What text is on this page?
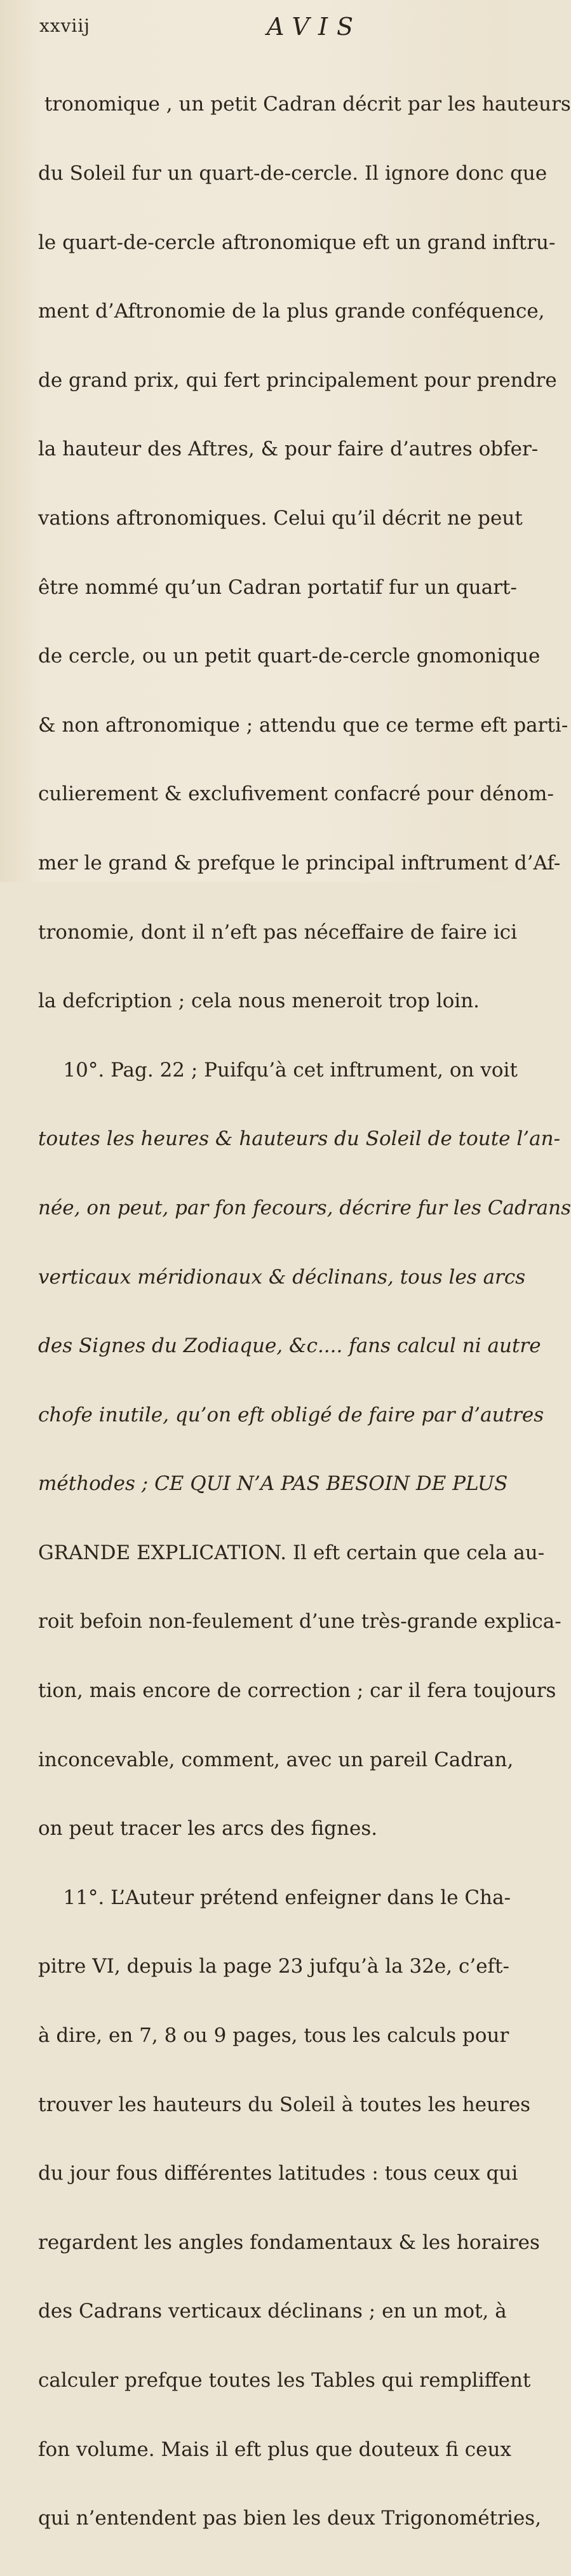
xxviij	AVIS

tronomique , un petit Cadran décrit par les hauteurs

du Soleil fur un quart-de-cercle. Il ignore donc que

le quart-de-cercle aftronomique eft un grand inftru-

ment d’Aftronomie de la plus grande conféquence,

de grand prix, qui fert principalement pour prendre

la hauteur des Aftres, & pour faire d’autres obfer-

vations aftronomiques. Celui qu’il décrit ne peut

être nommé qu’un Cadran portatif fur un quart-

de cercle, ou un petit quart-de-cercle gnomonique

& non aftronomique ; attendu que ce terme eft parti-

culierement & exclufivement confacré pour dénom-

mer le grand & prefque le principal inftrument d’Af-

tronomie, dont il n’eft pas néceffaire de faire ici

la defcription ; cela nous meneroit trop loin.

10°. Pag. 22 ; Puifqu’à cet inftrument, on voit

toutes les heures & hauteurs du Soleil de toute l’an-

née, on peut, par fon fecours, décrire fur les Cadrans

verticaux méridionaux & déclinans, tous les arcs

des Signes du Zodiaque, &c.... fans calcul ni autre

chofe inutile, qu’on eft obligé de faire par d’autres

méthodes ; CE QUI N’A PAS BESOIN DE PLUS

GRANDE EXPLICATION. Il eft certain que cela au-

roit befoin non-feulement d’une très-grande explica-

tion, mais encore de correction ; car il fera toujours

inconcevable, comment, avec un pareil Cadran,

on peut tracer les arcs des fignes.

11°. L’Auteur prétend enfeigner dans le Cha-

pitre VI, depuis la page 23 jufqu’à la 32e, c’eft-

à dire, en 7, 8 ou 9 pages, tous les calculs pour

trouver les hauteurs du Soleil à toutes les heures

du jour fous différentes latitudes : tous ceux qui

regardent les angles fondamentaux & les horaires

des Cadrans verticaux déclinans ; en un mot, à

calculer prefque toutes les Tables qui rempliffent

fon volume. Mais il eft plus que douteux fi ceux

qui n’entendent pas bien les deux Trigonométries,
